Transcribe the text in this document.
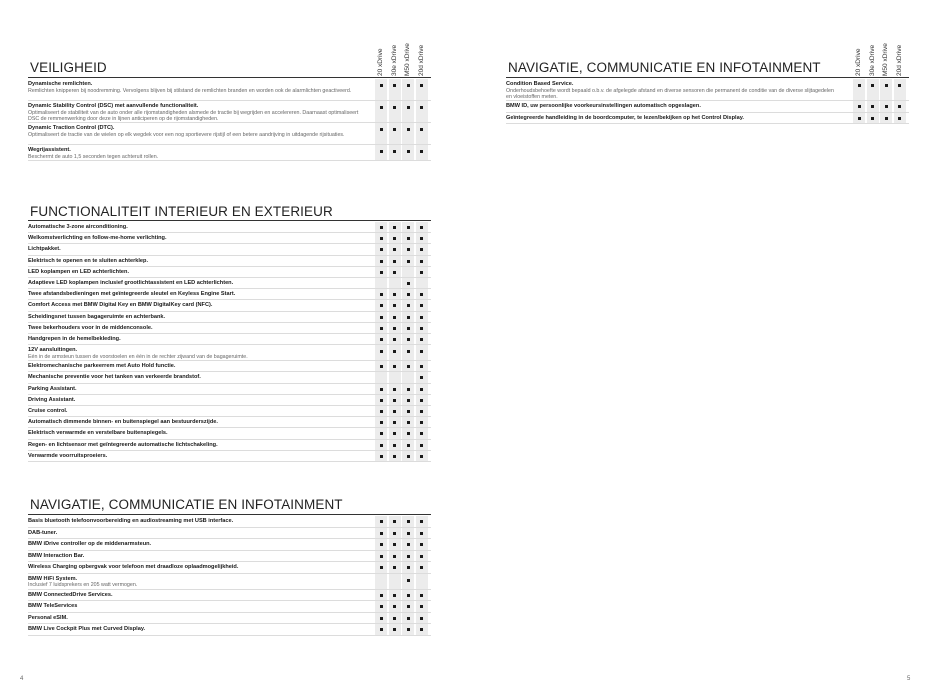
20 xDrive 30e xDrive M50 xDrive 20d xDrive	20 xDrive 30e xDrive M50 xDrive 20d xDrive
VEILIGHEID
FUNCTIONALITEIT INTERIEUR EN EXTERIEUR
NAVIGATIE, COMMUNICATIE EN INFOTAINMENT
NAVIGATIE, COMMUNICATIE EN INFOTAINMENT
Dynamische remlichten.
Remlichten knipperen bij noodremming. Vervolgens blijven bij stilstand de remlichten branden en worden ook de alarmlichten geactiveerd.
Dynamic Stability Control (DSC) met aanvullende functionaliteit.
Optimaliseert de stabiliteit van de auto onder alle rijomstandigheden alsmede de tractie bij wegrijden en accelereren. Daarnaast optimaliseert DSC de remmenwerking door deze in lijnen anticiperen op de rijomstandigheden.
Dynamic Traction Control (DTC).
Optimaliseert de tractie van de wielen op elk wegdek voor een nog sportievere rijstijl of een betere aandrijving in uitdagende rijsituaties.
Wegrijassistent.
Beschermt de auto 1,5 seconden tegen achteruit rollen.
Automatische 3-zone airconditioning.
Welkomstverlichting en follow-me-home verlichting.
Lichtpakket.
Elektrisch te openen en te sluiten achterklep.
LED koplampen en LED achterlichten.
Adaptieve LED koplampen inclusief grootlichtassistent en LED achterlichten.
Twee afstandsbedieningen met geïntegreerde sleutel en Keyless Engine Start.
Comfort Access met BMW Digital Key en BMW DigitalKey card (NFC).
Scheidingsnet tussen bagageruimte en achterbank.
Twee bekerhouders voor in de middenconsole.
Handgrepen in de hemelbekleding.
12V aansluitingen.
Eén in de armsteun tussen de voorstoelen en één in de rechter zijwand van de bagageruimte.
Elektromechanische parkeerrem met Auto Hold functie.
Mechanische preventie voor het tanken van verkeerde brandstof.
Parking Assistant.
Driving Assistant.
Cruise control.
Automatisch dimmende binnen- en buitenspiegel aan bestuurderszijde.
Elektrisch verwarmde en verstelbare buitenspiegels.
Regen- en lichtsensor met geïntegreerde automatische lichtschakeling.
Verwarmde voorruitsproeiers.
Basis bluetooth telefoonvoorbereiding en audiostreaming met USB interface.
DAB-tuner.
BMW iDrive controller op de middenarmsteun.
BMW Interaction Bar.
Wireless Charging opbergvak voor telefoon met draadloze oplaadmogelijkheid.
BMW HiFi System.
Inclusief 7 luidsprekers en 205 watt vermogen.
BMW ConnectedDrive Services.
BMW TeleServices
Personal eSIM.
BMW Live Cockpit Plus met Curved Display.
Condition Based Service.
Onderhoudsbehoefte wordt bepaald o.b.v. de afgelegde afstand en diverse sensoren die permanent de conditie van de diverse slijtagedelen en vloeistoffen meten.
BMW ID, uw persoonlijke voorkeursinstellingen automatisch opgeslagen.
Geïntegreerde handleiding in de boordcomputer, te lezen/bekijken op het Control Display.
4	5
